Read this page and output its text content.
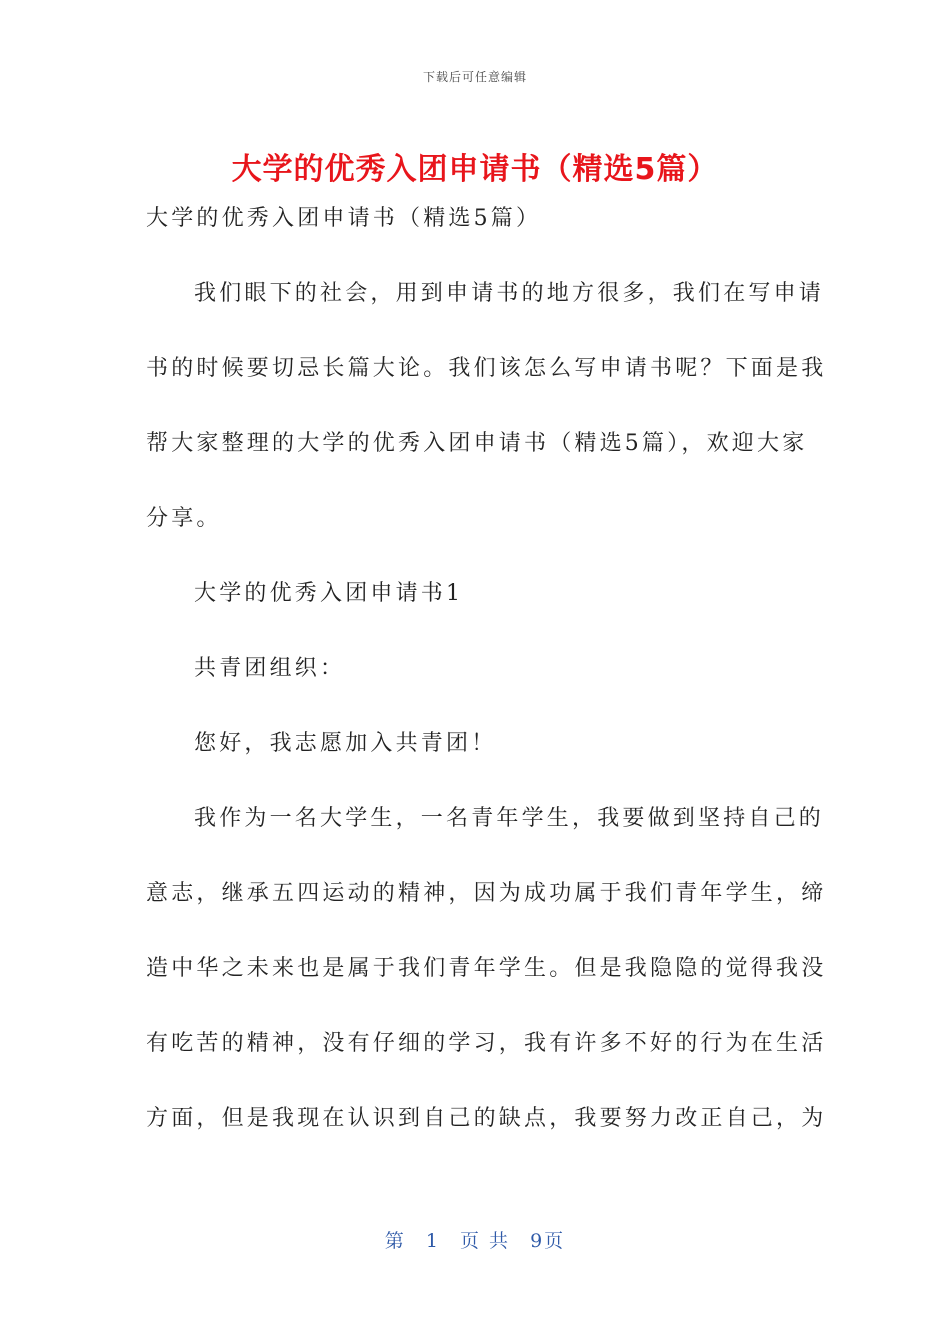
下载后可任意编辑
大学的优秀入团申请书（精选5篇）

大学的优秀入团申请书（精选5篇）

我们眼下的社会，用到申请书的地方很多，我们在写申请

书的时候要切忌长篇大论。我们该怎么写申请书呢？下面是我

帮大家整理的大学的优秀入团申请书（精选5篇），欢迎大家

分享。

大学的优秀入团申请书1

共青团组织：

您好，我志愿加入共青团！

我作为一名大学生，一名青年学生，我要做到坚持自己的

意志，继承五四运动的精神，因为成功属于我们青年学生，缔

造中华之未来也是属于我们青年学生。但是我隐隐的觉得我没

有吃苦的精神，没有仔细的学习，我有许多不好的行为在生活

方面，但是我现在认识到自己的缺点，我要努力改正自己，为

第 1 页 共 9页
